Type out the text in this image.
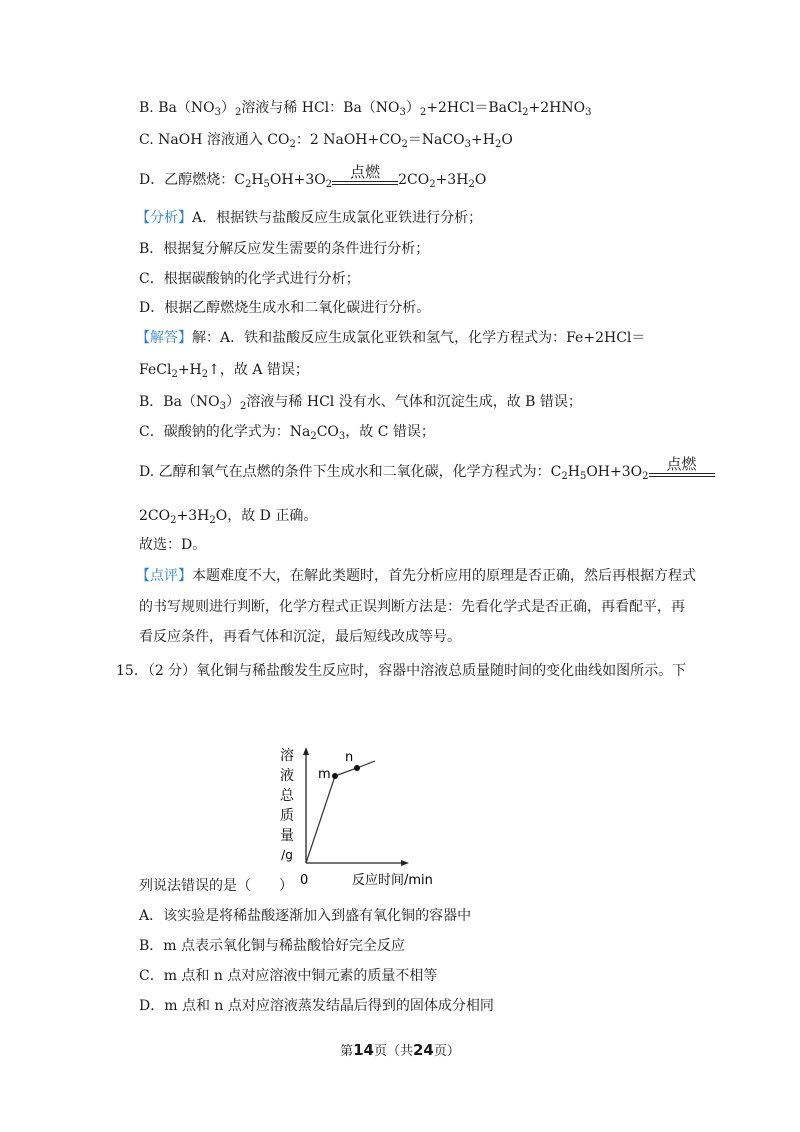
B. $Ba(NO_3)_2$溶液与稀 HCl：$Ba(NO_3)_2+2HCl=BaCl_2+2HNO_3$
C. NaOH 溶液通入 $CO_2$：2 $NaOH+CO_2=NaCO_3+H_2O$
D．乙醇燃烧：$C_2H_5OH+3O_2$
点燃	$2CO_2+3H_2O$
【分析】A．根据铁与盐酸反应生成氯化亚铁进行分析；
B．根据复分解反应发生需要的条件进行分析；
C．根据碳酸钠的化学式进行分析；
D．根据乙醇燃烧生成水和二氧化碳进行分析。
【解答】解：A．铁和盐酸反应生成氯化亚铁和氢气，化学方程式为：Fe+2HCl＝
$FeCl_2+H_2↑$，故 A 错误；
B．$Ba(NO_3)_2$溶液与稀 HCl 没有水、气体和沉淀生成，故 B 错误；
C．碳酸钠的化学式为：$Na_2CO_3$，故 C 错误；
D. 乙醇和氧气在点燃的条件下生成水和二氧化碳，化学方程式为：$C_2H_5OH+3O_2$
点燃
$2CO_2+3H_2O$，故 D 正确。
故选：D。
【点评】本题难度不大，在解此类题时，首先分析应用的原理是否正确，然后再根据方程式
的书写规则进行判断，化学方程式正误判断方法是：先看化学式是否正确，再看配平，再
看反应条件，再看气体和沉淀，最后短线改成等号。
15．（2 分）氧化铜与稀盐酸发生反应时，容器中溶液总质量随时间的变化曲线如图所示。下
溶
液
总
质
量
/g
m
n
0	反应时间/min
列说法错误的是（　　）
A．该实验是将稀盐酸逐渐加入到盛有氧化铜的容器中
B．m 点表示氧化铜与稀盐酸恰好完全反应
C．m 点和 n 点对应溶液中铜元素的质量不相等
D．m 点和 n 点对应溶液蒸发结晶后得到的固体成分相同
第14页（共24页）
